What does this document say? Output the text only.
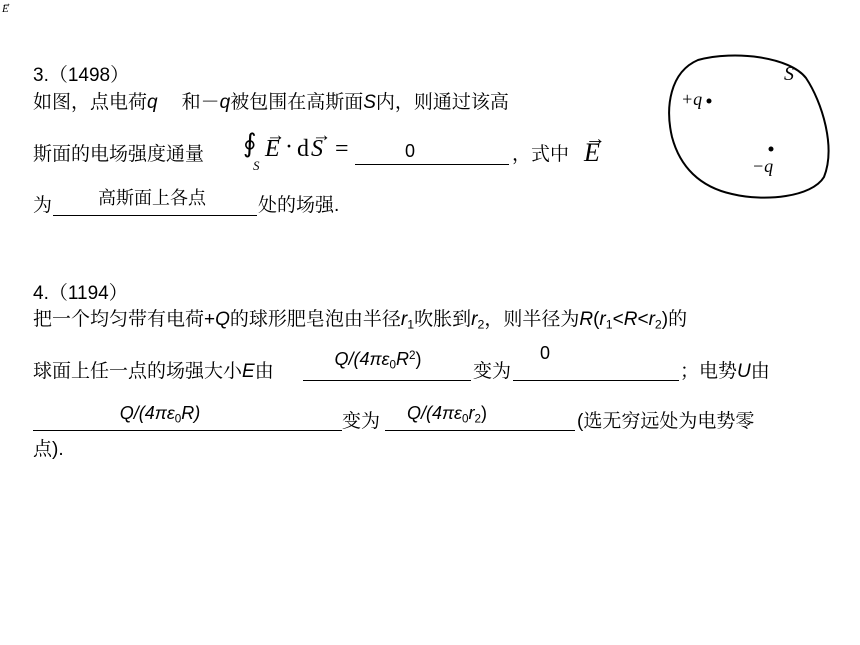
→ E
3.（1498）
如图，点电荷q 和－q被包围在高斯面S内，则通过该高
斯面的电场强度通量 ∮
S
→ E · d → S =	0	，式中 → E
为	高斯面上各点	处的场强.
S
+q
−q
4.（1194）
把一个均匀带有电荷+Q的球形肥皂泡由半径$r_1$吹胀到$r_2$，则半径为$R(r_1<R<r_2)$的
球面上任一点的场强大小E由
$Q/(4\pi\varepsilon_0R^2)$
变为
0
；电势U由
$Q/(4\pi\varepsilon_0R)$	变为	$Q/(4\pi\varepsilon_0r_2)$	(选无穷远处为电势零
点).
